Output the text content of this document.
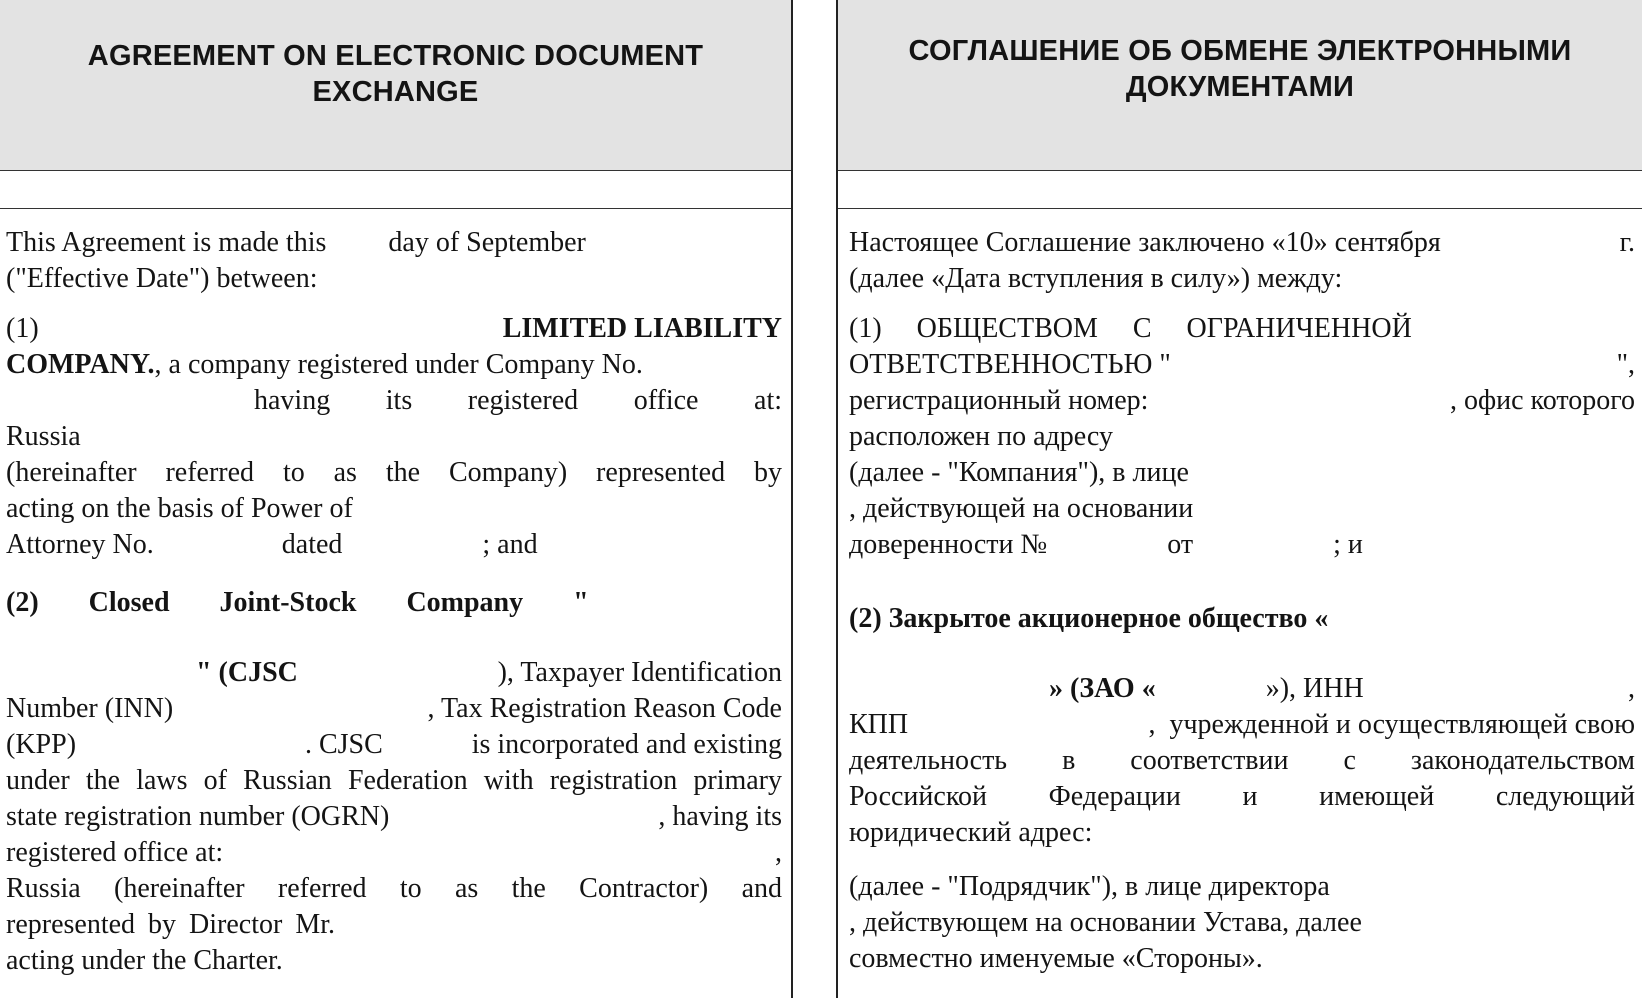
AGREEMENT ON ELECTRONIC DOCUMENT EXCHANGE
This Agreement is made this day of September
("Effective Date") between:
(1)	LIMITED LIABILITY
COMPANY., a company registered under Company No.
having its registered office at:
Russia
(hereinafter referred to as the Company) represented by
acting on the basis of Power of
Attorney No.	dated	; and
(2)  Closed  Joint-Stock  Company  "
" (CJSC	), Taxpayer Identification
Number (INN)	, Tax Registration Reason Code
(KPP)	. CJSC	is incorporated and existing
under the laws of Russian Federation with registration primary
state registration number (OGRN)	, having its
registered office at:	,
Russia (hereinafter referred to as the Contractor) and
represented by Director Mr.
acting under the Charter.
СОГЛАШЕНИЕ ОБ ОБМЕНЕ ЭЛЕКТРОННЫМИ ДОКУМЕНТАМИ
Настоящее Соглашение заключено «10» сентября	г.
(далее «Дата вступления в силу») между:
(1)     ОБЩЕСТВОМ     С     ОГРАНИЧЕННОЙ
ОТВЕТСТВЕННОСТЬЮ "	",
регистрационный номер:	, офис которого
расположен по адресу
(далее - "Компания"), в лице
, действующей на основании
доверенности №	от	; и
(2) Закрытое акционерное общество «
» (ЗАО «	»), ИНН	,
КПП	,  учрежденной и осуществляющей свою
деятельность в соответствии с законодательством
Российской Федерации и имеющей следующий
юридический адрес:
(далее - "Подрядчик"), в лице директора
, действующем на основании Устава, далее
совместно именуемые «Стороны».
